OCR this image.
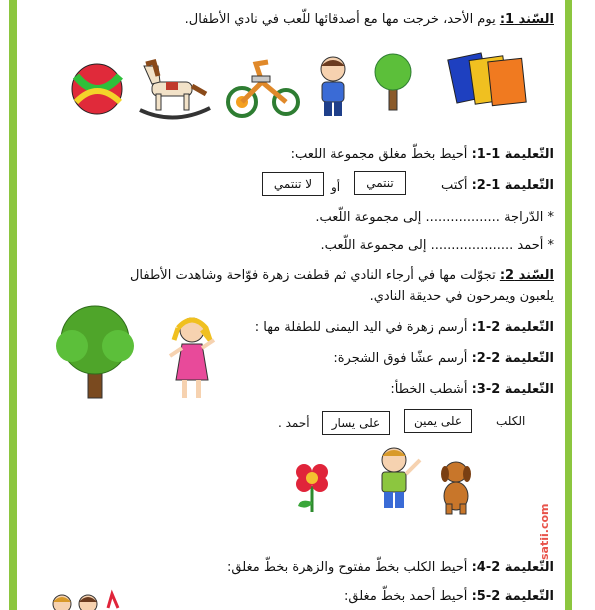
satii.com
السّند 1: يوم الأحد، خرجت مها مع أصدقائها للّعب في نادي الأطفال.
التّعليمة 1-1: أحيط بخطّ مغلق مجموعة اللعب:
التّعليمة 1-2: أكتب
تنتمي
أو
لا تنتمي
* الدّراجة .................. إلى مجموعة اللّعب.
* أحمد .................... إلى مجموعة اللّعب.
السّند 2: تجوّلت مها في أرجاء النادي ثم قطفت زهرة فوّاحة وشاهدت الأطفال
يلعبون ويمرحون في حديقة النادي.
التّعليمة 2-1: أرسم زهرة في اليد اليمنى للطفلة مها :
التّعليمة 2-2: أرسم عشّا فوق الشجرة:
التّعليمة 2-3: أشطب الخطأ:
الكلب
على يمين
على يسار
أحمد .
التّعليمة 2-4: أحيط الكلب بخطّ مفتوح والزهرة بخطّ مغلق:
التّعليمة 2-5: أحيط أحمد بخطّ مغلق:
